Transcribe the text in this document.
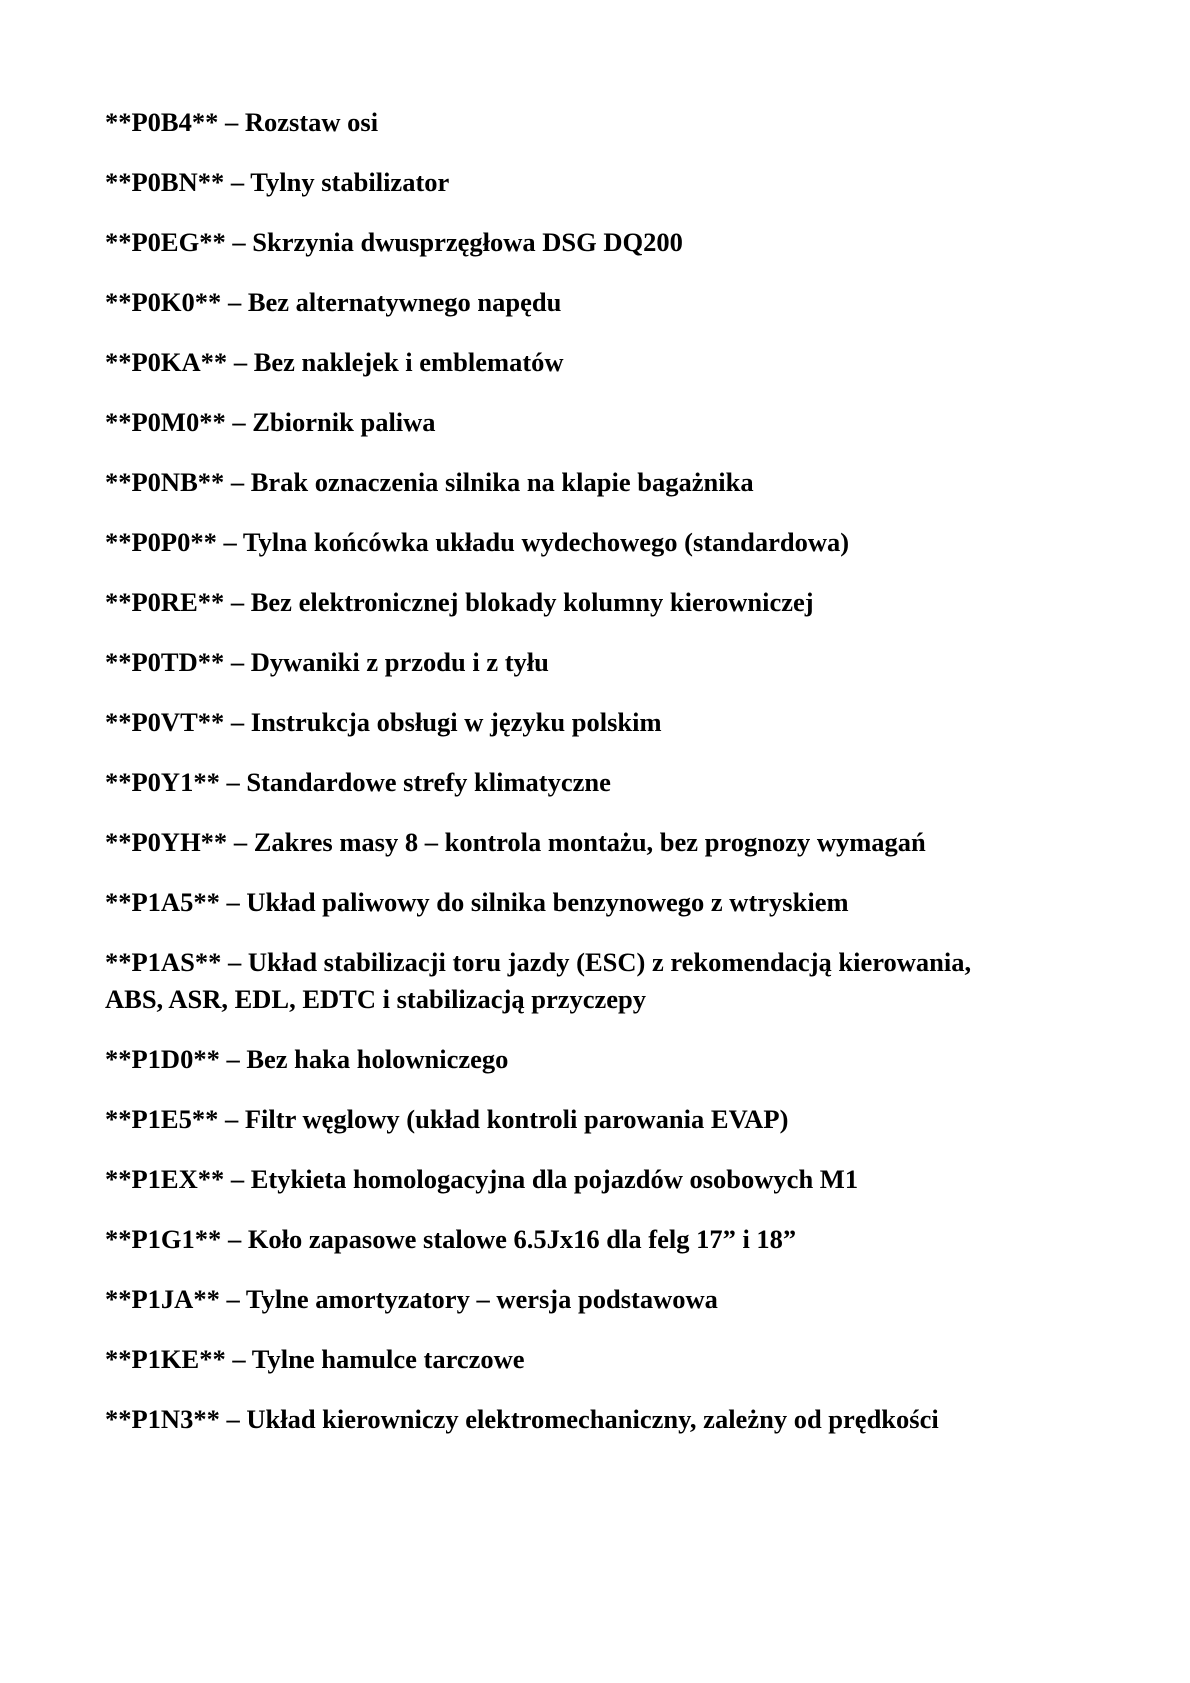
**P0B4** – Rozstaw osi

**P0BN** – Tylny stabilizator

**P0EG** – Skrzynia dwusprzęgłowa DSG DQ200

**P0K0** – Bez alternatywnego napędu

**P0KA** – Bez naklejek i emblematów

**P0M0** – Zbiornik paliwa

**P0NB** – Brak oznaczenia silnika na klapie bagażnika

**P0P0** – Tylna końcówka układu wydechowego (standardowa)

**P0RE** – Bez elektronicznej blokady kolumny kierowniczej

**P0TD** – Dywaniki z przodu i z tyłu

**P0VT** – Instrukcja obsługi w języku polskim

**P0Y1** – Standardowe strefy klimatyczne

**P0YH** – Zakres masy 8 – kontrola montażu, bez prognozy wymagań

**P1A5** – Układ paliwowy do silnika benzynowego z wtryskiem

**P1AS** – Układ stabilizacji toru jazdy (ESC) z rekomendacją kierowania,
ABS, ASR, EDL, EDTC i stabilizacją przyczepy

**P1D0** – Bez haka holowniczego

**P1E5** – Filtr węglowy (układ kontroli parowania EVAP)

**P1EX** – Etykieta homologacyjna dla pojazdów osobowych M1

**P1G1** – Koło zapasowe stalowe 6.5Jx16 dla felg 17” i 18”

**P1JA** – Tylne amortyzatory – wersja podstawowa

**P1KE** – Tylne hamulce tarczowe

**P1N3** – Układ kierowniczy elektromechaniczny, zależny od prędkości
